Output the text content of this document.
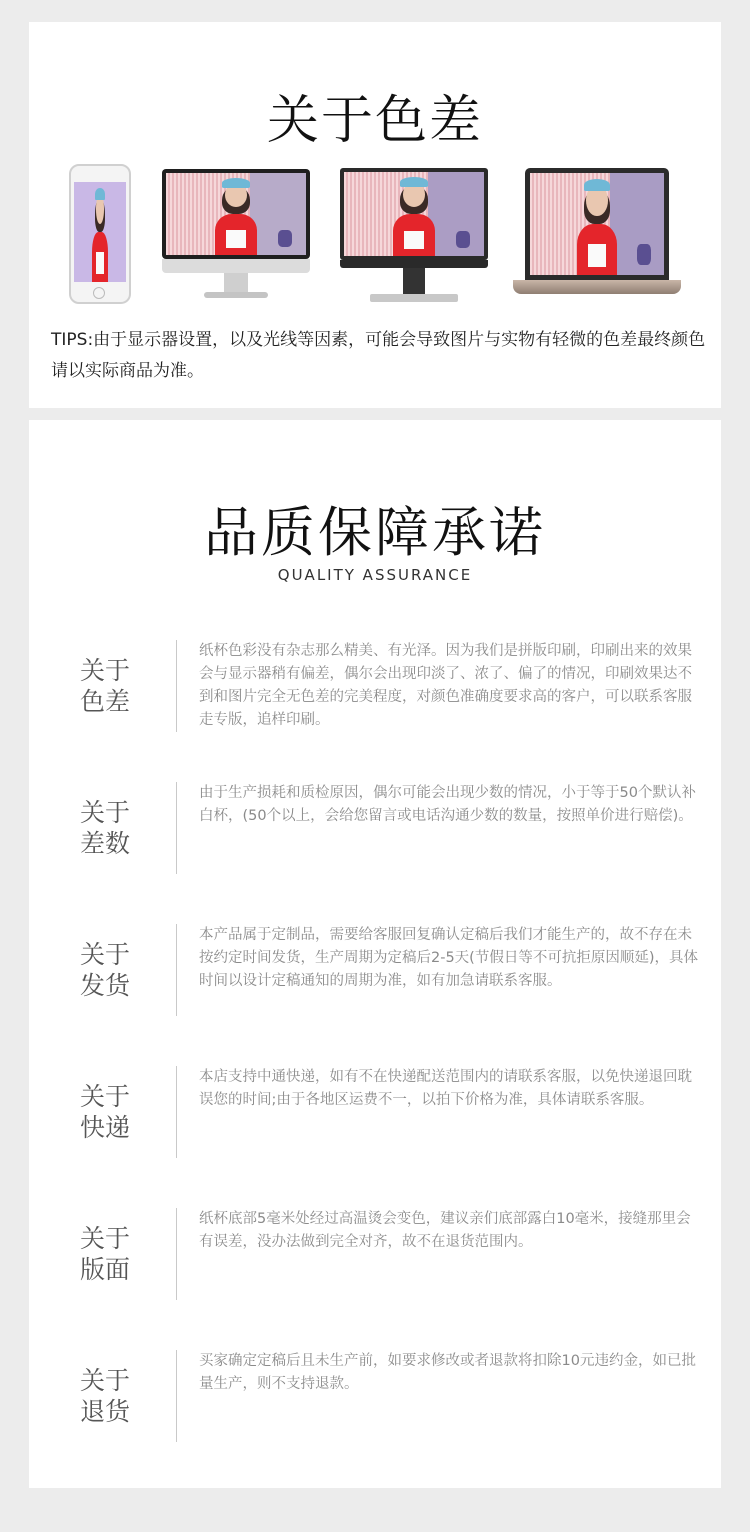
关于色差

TIPS:由于显示器设置，以及光线等因素，可能会导致图片与实物有轻微的色差最终颜色请以实际商品为准。

品质保障承诺
QUALITY ASSURANCE
关于
色差

纸杯色彩没有杂志那么精美、有光泽。因为我们是拼版印刷，印刷出来的效果会与显示器稍有偏差，偶尔会出现印淡了、浓了、偏了的情况，印刷效果达不到和图片完全无色差的完美程度，对颜色准确度要求高的客户，可以联系客服走专版，追样印刷。

关于
差数

由于生产损耗和质检原因，偶尔可能会出现少数的情况，小于等于50个默认补白杯，(50个以上，会给您留言或电话沟通少数的数量，按照单价进行赔偿)。

关于
发货

本产品属于定制品，需要给客服回复确认定稿后我们才能生产的，故不存在未按约定时间发货，生产周期为定稿后2-5天(节假日等不可抗拒原因顺延)，具体时间以设计定稿通知的周期为准，如有加急请联系客服。

关于
快递

本店支持中通快递，如有不在快递配送范围内的请联系客服，以免快递退回耽误您的时间;由于各地区运费不一，以拍下价格为准，具体请联系客服。

关于
版面

纸杯底部5毫米处经过高温烫会变色，建议亲们底部露白10毫米，接缝那里会有误差，没办法做到完全对齐，故不在退货范围内。

关于
退货

买家确定定稿后且未生产前，如要求修改或者退款将扣除10元违约金，如已批量生产，则不支持退款。
